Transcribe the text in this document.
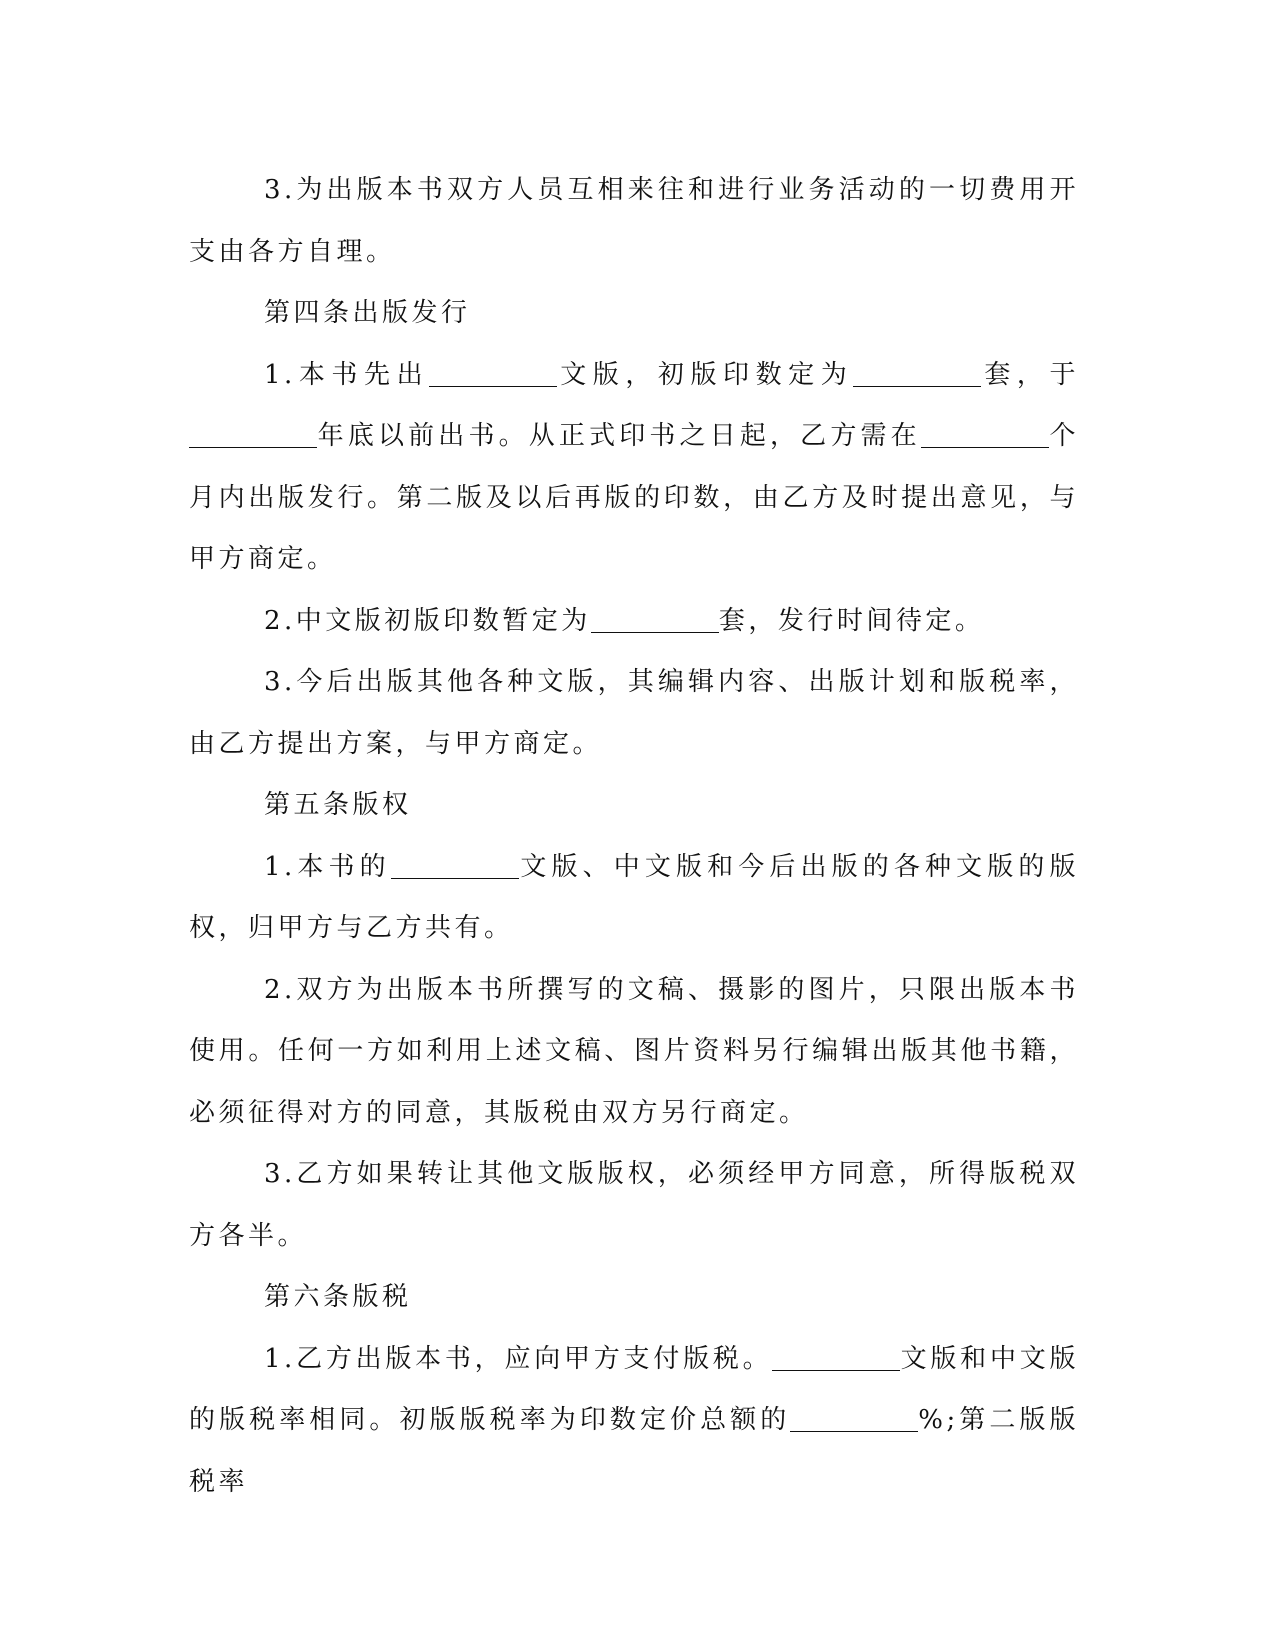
3.为出版本书双方人员互相来往和进行业务活动的一切费用开支由各方自理。

第四条出版发行

1.本书先出	文版，初版印数定为	套，于年底以前出书。从正式印书之日起，乙方需在	个月内出版发行。第二版及以后再版的印数，由乙方及时提出意见，与甲方商定。

2.中文版初版印数暂定为	套，发行时间待定。

3.今后出版其他各种文版，其编辑内容、出版计划和版税率，由乙方提出方案，与甲方商定。

第五条版权

1.本书的	文版、中文版和今后出版的各种文版的版权，归甲方与乙方共有。

2.双方为出版本书所撰写的文稿、摄影的图片，只限出版本书使用。任何一方如利用上述文稿、图片资料另行编辑出版其他书籍，必须征得对方的同意，其版税由双方另行商定。

3.乙方如果转让其他文版版权，必须经甲方同意，所得版税双方各半。

第六条版税

1.乙方出版本书，应向甲方支付版税。	文版和中文版的版税率相同。初版版税率为印数定价总额的	%;第二版版税率
